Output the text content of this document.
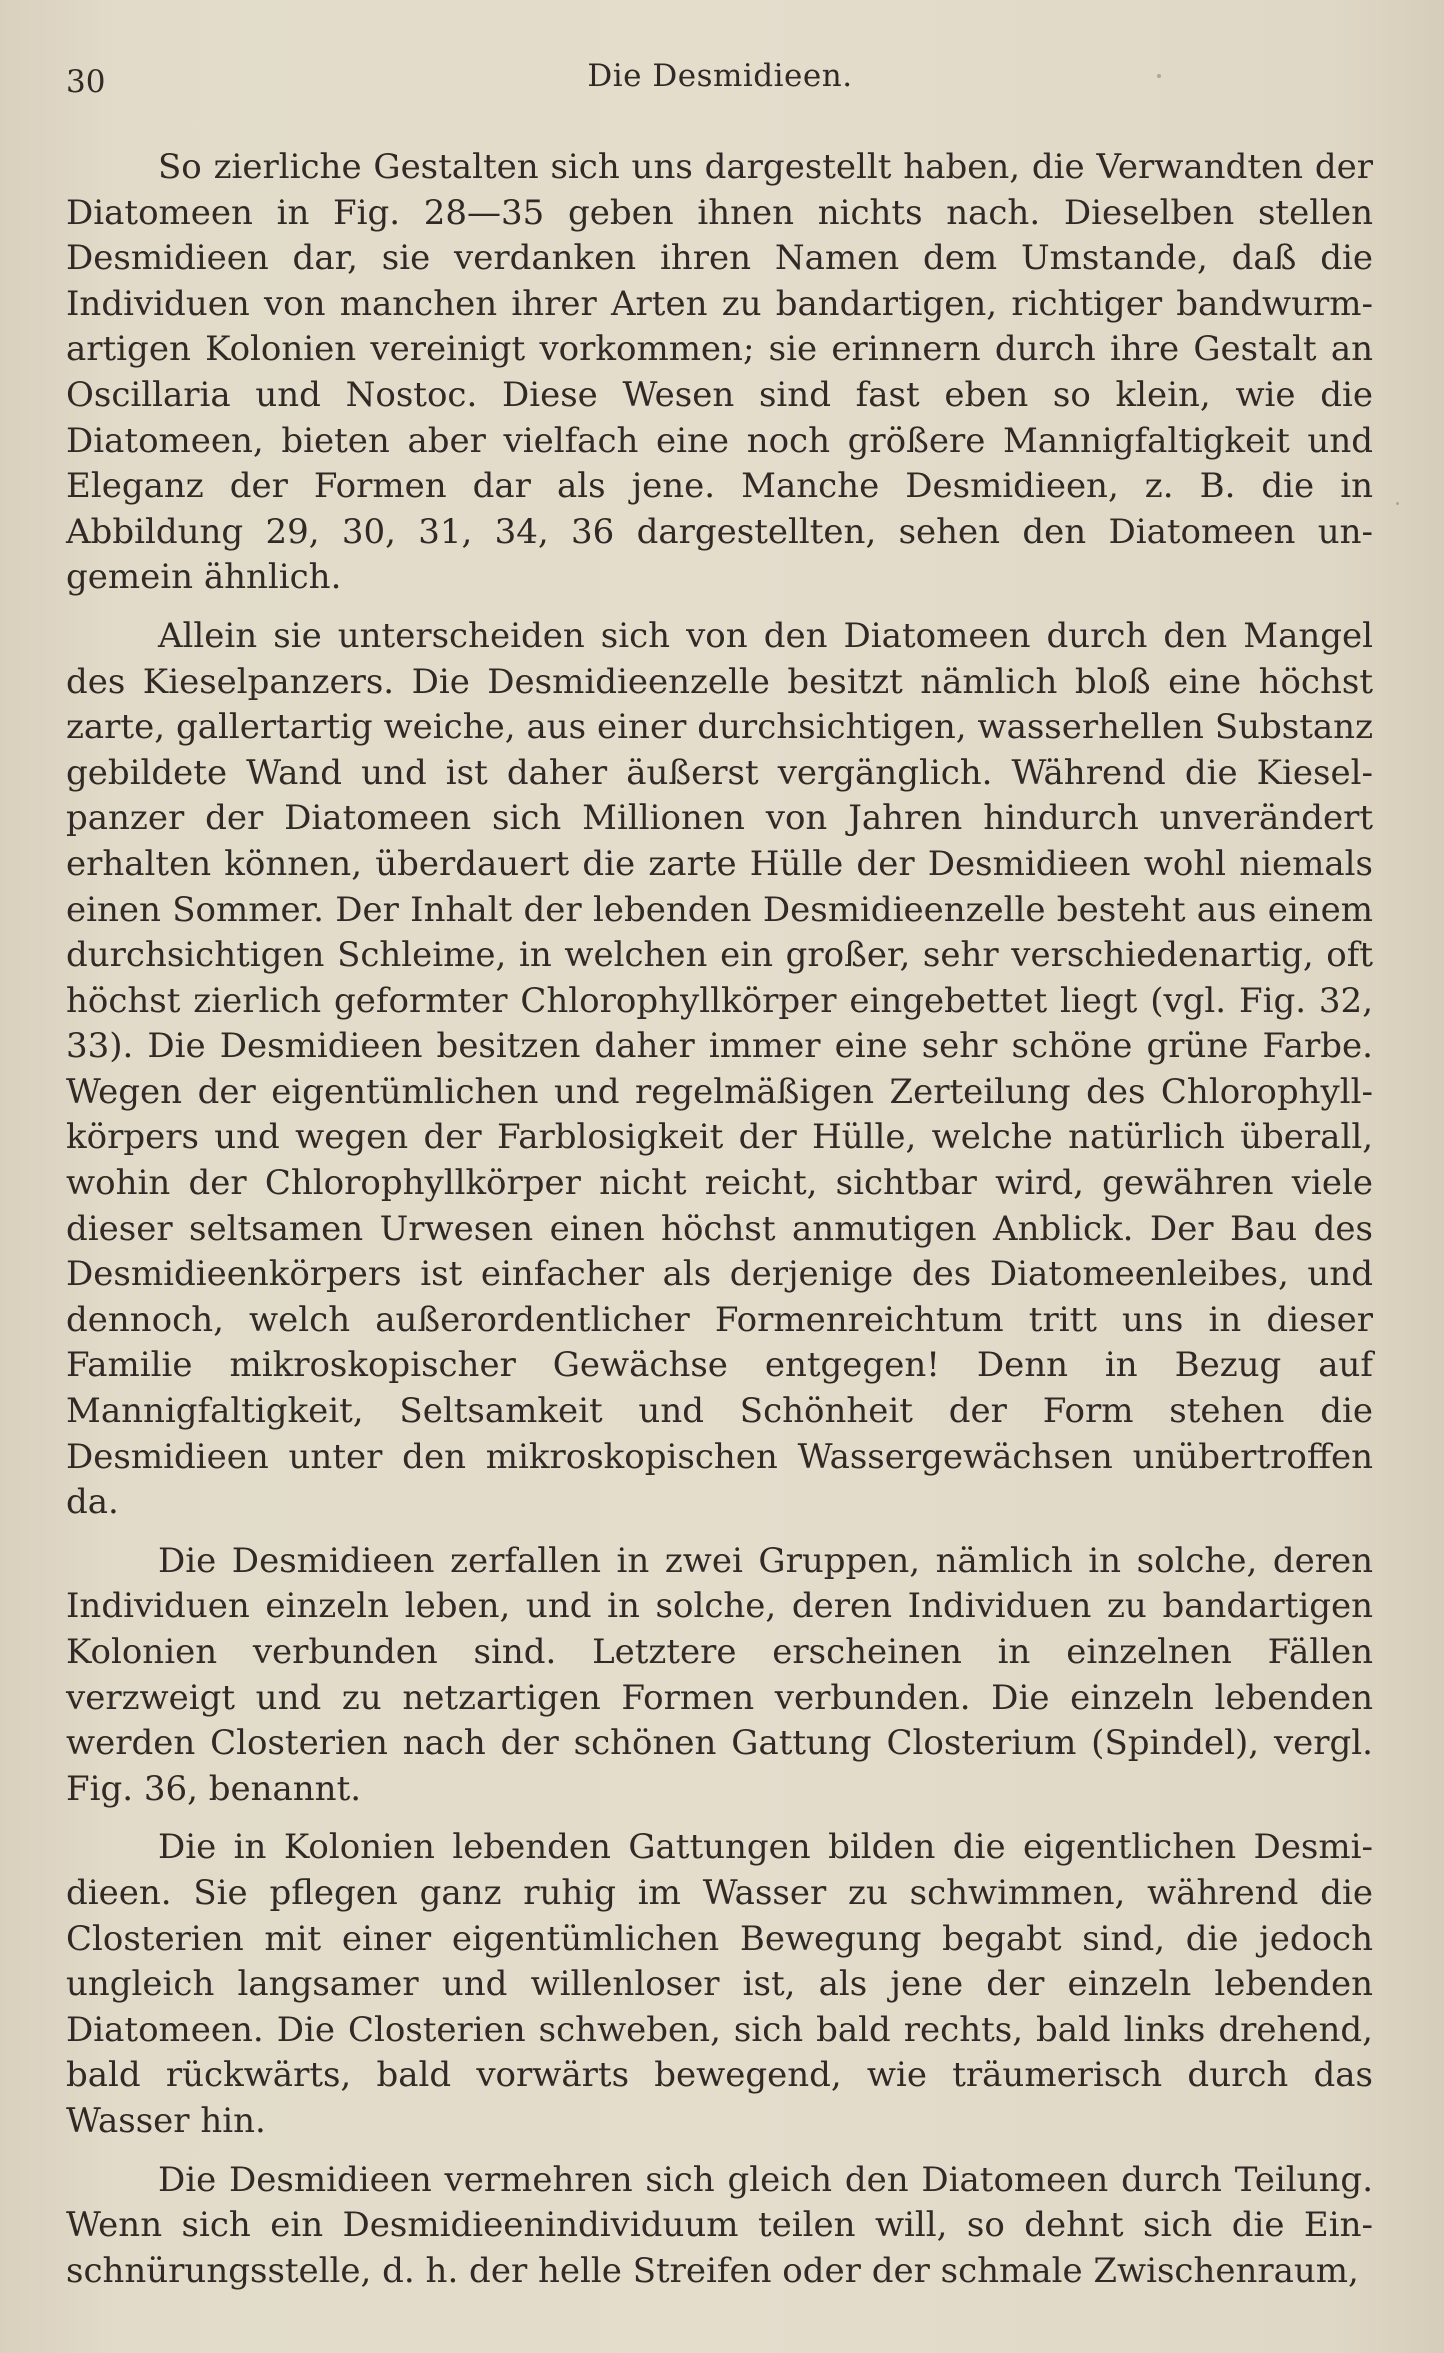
30	Die Desmidieen.

So zierliche Gestalten sich uns dargestellt haben, die Verwandten der Diatomeen in Fig. 28—35 geben ihnen nichts nach. Dieselben stellen Desmidieen dar, sie verdanken ihren Namen dem Umstande, daß die Individuen von manchen ihrer Arten zu bandartigen, richtiger bandwurmartigen Kolonien vereinigt vorkommen; sie erinnern durch ihre Gestalt an Oscillaria und Nostoc. Diese Wesen sind fast eben so klein, wie die Diatomeen, bieten aber vielfach eine noch größere Mannigfaltigkeit und Eleganz der Formen dar als jene. Manche Desmidieen, z. B. die in Abbildung 29, 30, 31, 34, 36 dargestellten, sehen den Diatomeen ungemein ähnlich.

Allein sie unterscheiden sich von den Diatomeen durch den Mangel des Kieselpanzers. Die Desmidieenzelle besitzt nämlich bloß eine höchst zarte, gallertartig weiche, aus einer durchsichtigen, wasserhellen Substanz gebildete Wand und ist daher äußerst vergänglich. Während die Kieselpanzer der Diatomeen sich Millionen von Jahren hindurch unverändert erhalten können, überdauert die zarte Hülle der Desmidieen wohl niemals einen Sommer. Der Inhalt der lebenden Desmidieenzelle besteht aus einem durchsichtigen Schleime, in welchen ein großer, sehr verschiedenartig, oft höchst zierlich geformter Chlorophyllkörper eingebettet liegt (vgl. Fig. 32, 33). Die Desmidieen besitzen daher immer eine sehr schöne grüne Farbe. Wegen der eigentümlichen und regelmäßigen Zerteilung des Chlorophyllkörpers und wegen der Farblosigkeit der Hülle, welche natürlich überall, wohin der Chlorophyllkörper nicht reicht, sichtbar wird, gewähren viele dieser seltsamen Urwesen einen höchst anmutigen Anblick. Der Bau des Desmidieenkörpers ist einfacher als derjenige des Diatomeenleibes, und dennoch, welch außerordentlicher Formenreichtum tritt uns in dieser Familie mikroskopischer Gewächse entgegen! Denn in Bezug auf Mannigfaltigkeit, Seltsamkeit und Schönheit der Form stehen die Desmidieen unter den mikroskopischen Wassergewächsen unübertroffen da.

Die Desmidieen zerfallen in zwei Gruppen, nämlich in solche, deren Individuen einzeln leben, und in solche, deren Individuen zu bandartigen Kolonien verbunden sind. Letztere erscheinen in einzelnen Fällen verzweigt und zu netzartigen Formen verbunden. Die einzeln lebenden werden Closterien nach der schönen Gattung Closterium (Spindel), vergl. Fig. 36, benannt.

Die in Kolonien lebenden Gattungen bilden die eigentlichen Desmidieen. Sie pflegen ganz ruhig im Wasser zu schwimmen, während die Closterien mit einer eigentümlichen Bewegung begabt sind, die jedoch ungleich langsamer und willenloser ist, als jene der einzeln lebenden Diatomeen. Die Closterien schweben, sich bald rechts, bald links drehend, bald rückwärts, bald vorwärts bewegend, wie träumerisch durch das Wasser hin.

Die Desmidieen vermehren sich gleich den Diatomeen durch Teilung. Wenn sich ein Desmidieenindividuum teilen will, so dehnt sich die Einschnürungsstelle, d. h. der helle Streifen oder der schmale Zwischenraum,
